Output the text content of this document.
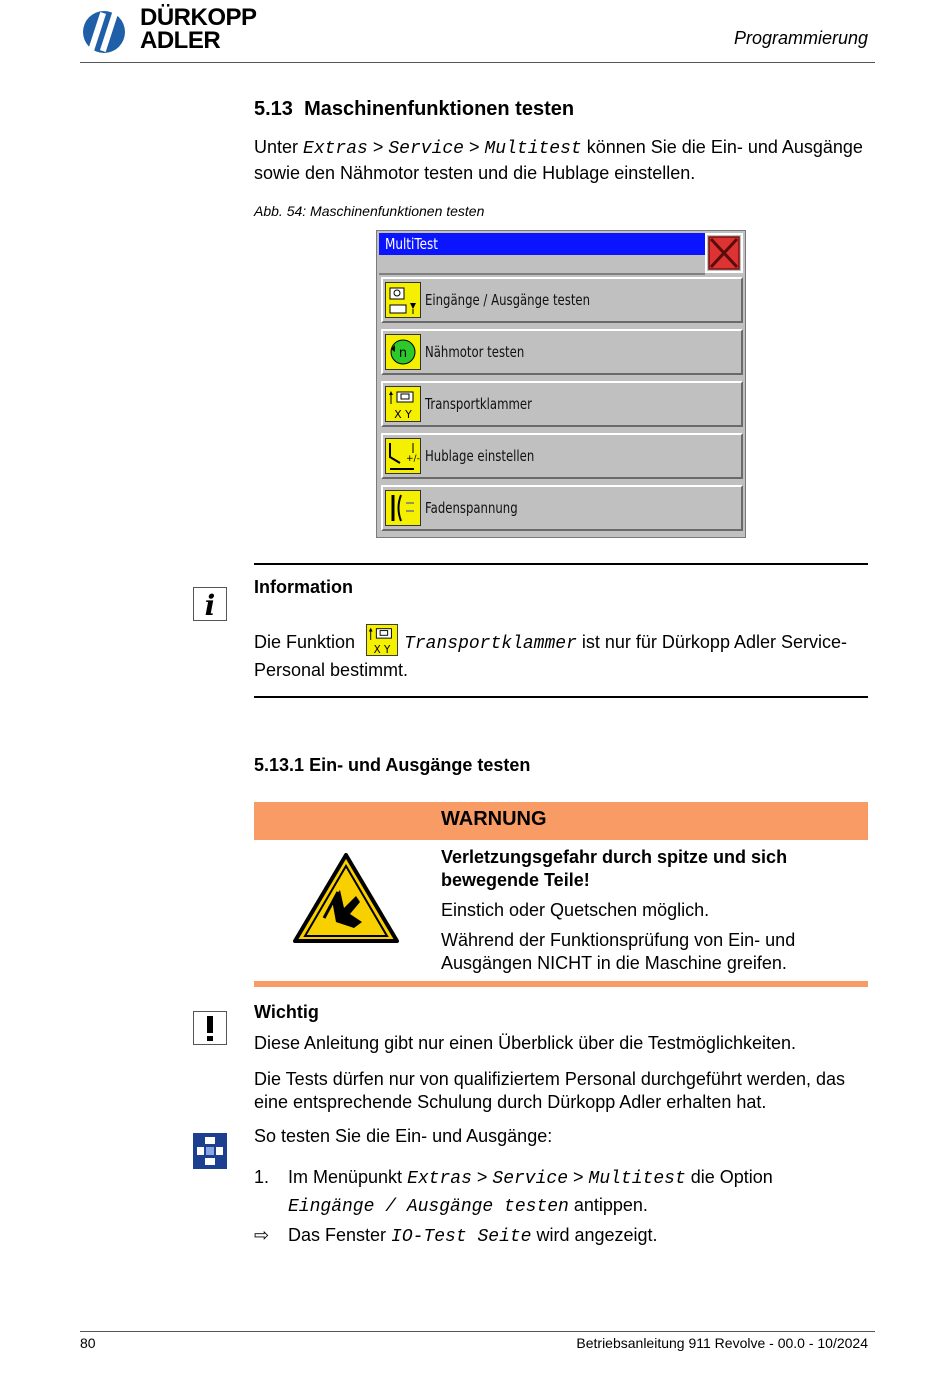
DÜRKOPP
ADLER	Programmierung
5.13 Maschinenfunktionen testen
Unter Extras > Service > Multitest können Sie die Ein- und Ausgänge sowie den Nähmotor testen und die Hublage einstellen.
Abb. 54: Maschinenfunktionen testen
MultiTest
Eingänge / Ausgänge testen
n Nähmotor testen
X Y
Transportklammer
+/- Hublage einstellen
Fadenspannung
i
Information
Die Funktion X Y Transportklammer ist nur für Dürkopp Adler Service-Personal bestimmt.
5.13.1 Ein- und Ausgänge testen
WARNUNG

Verletzungsgefahr durch spitze und sich bewegende Teile!

Einstich oder Quetschen möglich.

Während der Funktionsprüfung von Ein- und Ausgängen NICHT in die Maschine greifen.

Wichtig

Diese Anleitung gibt nur einen Überblick über die Testmöglichkeiten.

Die Tests dürfen nur von qualifiziertem Personal durchgeführt werden, das eine entsprechende Schulung durch Dürkopp Adler erhalten hat.

So testen Sie die Ein- und Ausgänge:
1. Im Menüpunkt Extras > Service > Multitest die Option
Eingänge / Ausgänge testen antippen.
⇨ Das Fenster IO-Test Seite wird angezeigt.
80	Betriebsanleitung 911 Revolve - 00.0 - 10/2024
